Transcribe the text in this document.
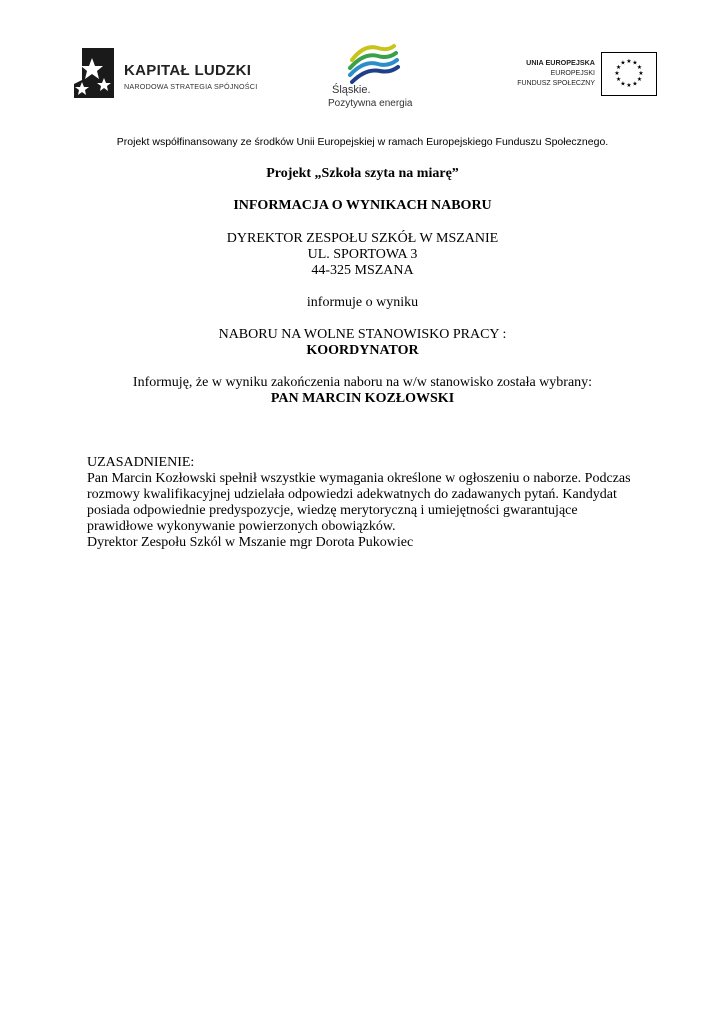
KAPITAŁ LUDZKI
NARODOWA STRATEGIA SPÓJNOŚCI	Śląskie.
Pozytywna energia
UNIA EUROPEJSKA
EUROPEJSKI
FUNDUSZ SPOŁECZNY
★ ★
★
★
★
★
★
★
★
★
★
★
Projekt współfinansowany ze środków Unii Europejskiej w ramach Europejskiego Funduszu Społecznego.
Projekt „Szkoła szyta na miarę”
INFORMACJA O WYNIKACH NABORU
DYREKTOR ZESPOŁU SZKÓŁ W MSZANIE
UL. SPORTOWA 3
44-325 MSZANA
informuje o wyniku
NABORU NA WOLNE STANOWISKO PRACY :
KOORDYNATOR
Informuję, że w wyniku zakończenia naboru na w/w stanowisko została wybrany:
PAN MARCIN KOZŁOWSKI
UZASADNIENIE:
Pan Marcin Kozłowski spełnił wszystkie wymagania określone w ogłoszeniu o naborze. Podczas
rozmowy kwalifikacyjnej udzielała odpowiedzi adekwatnych do zadawanych pytań. Kandydat
posiada odpowiednie predyspozycje, wiedzę merytoryczną i umiejętności gwarantujące
prawidłowe wykonywanie powierzonych obowiązków.
Dyrektor Zespołu Szkól w Mszanie mgr Dorota Pukowiec
